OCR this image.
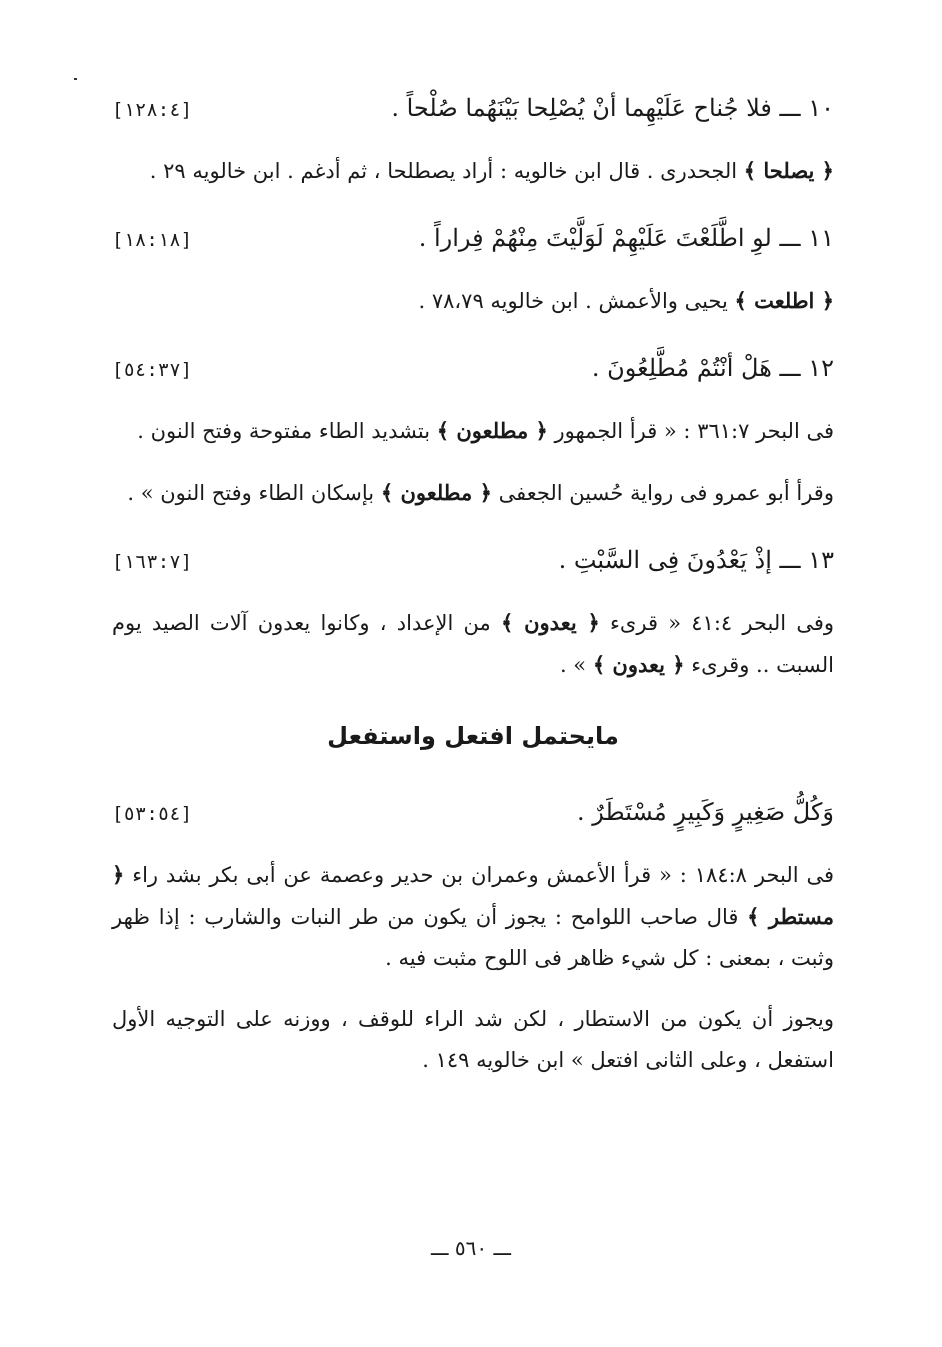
١٠ ـــ فلا جُناح عَلَيْهِما أنْ يُصْلِحا بَيْنَهُما صُلْحاً .
[١٢٨:٤]

﴿ يصلحا ﴾ الجحدرى . قال ابن خالويه : أراد يصطلحا ، ثم أدغم . ابن خالويه ٢٩ .

١١ ـــ لوِ اطَّلَعْتَ عَلَيْهِمْ لَوَلَّيْتَ مِنْهُمْ فِراراً .
[١٨:١٨]

﴿ اطلعت ﴾ يحيى والأعمش . ابن خالويه ٧٨،٧٩ .

١٢ ـــ هَلْ أنْتُمْ مُطَّلِعُونَ .
[٥٤:٣٧]

فى البحر ٣٦١:٧ : « قرأ الجمهور ﴿ مطلعون ﴾ بتشديد الطاء مفتوحة وفتح النون .

وقرأ أبو عمرو فى رواية حُسين الجعفى ﴿ مطلعون ﴾ بإسكان الطاء وفتح النون » .

١٣ ـــ إذْ يَعْدُونَ فِى السَّبْتِ .
[١٦٣:٧]

وفى البحر ٤١:٤ « قرىء ﴿ يعدون ﴾ من الإعداد ، وكانوا يعدون آلات الصيد يوم السبت .. وقرىء ﴿ يعدون ﴾ » .

مايحتمل افتعل واستفعل
وَكُلُّ صَغِيرٍ وَكَبِيرٍ مُسْتَطَرٌ .
[٥٣:٥٤]

فى البحر ١٨٤:٨ : « قرأ الأعمش وعمران بن حدير وعصمة عن أبى بكر بشد راء ﴿ مستطر ﴾ قال صاحب اللوامح : يجوز أن يكون من طر النبات والشارب : إذا ظهر وثبت ، بمعنى : كل شيء ظاهر فى اللوح مثبت فيه .

ويجوز أن يكون من الاستطار ، لكن شد الراء للوقف ، ووزنه على التوجيه الأول استفعل ، وعلى الثانى افتعل » ابن خالويه ١٤٩ .

ـــ ٥٦٠ ـــ
